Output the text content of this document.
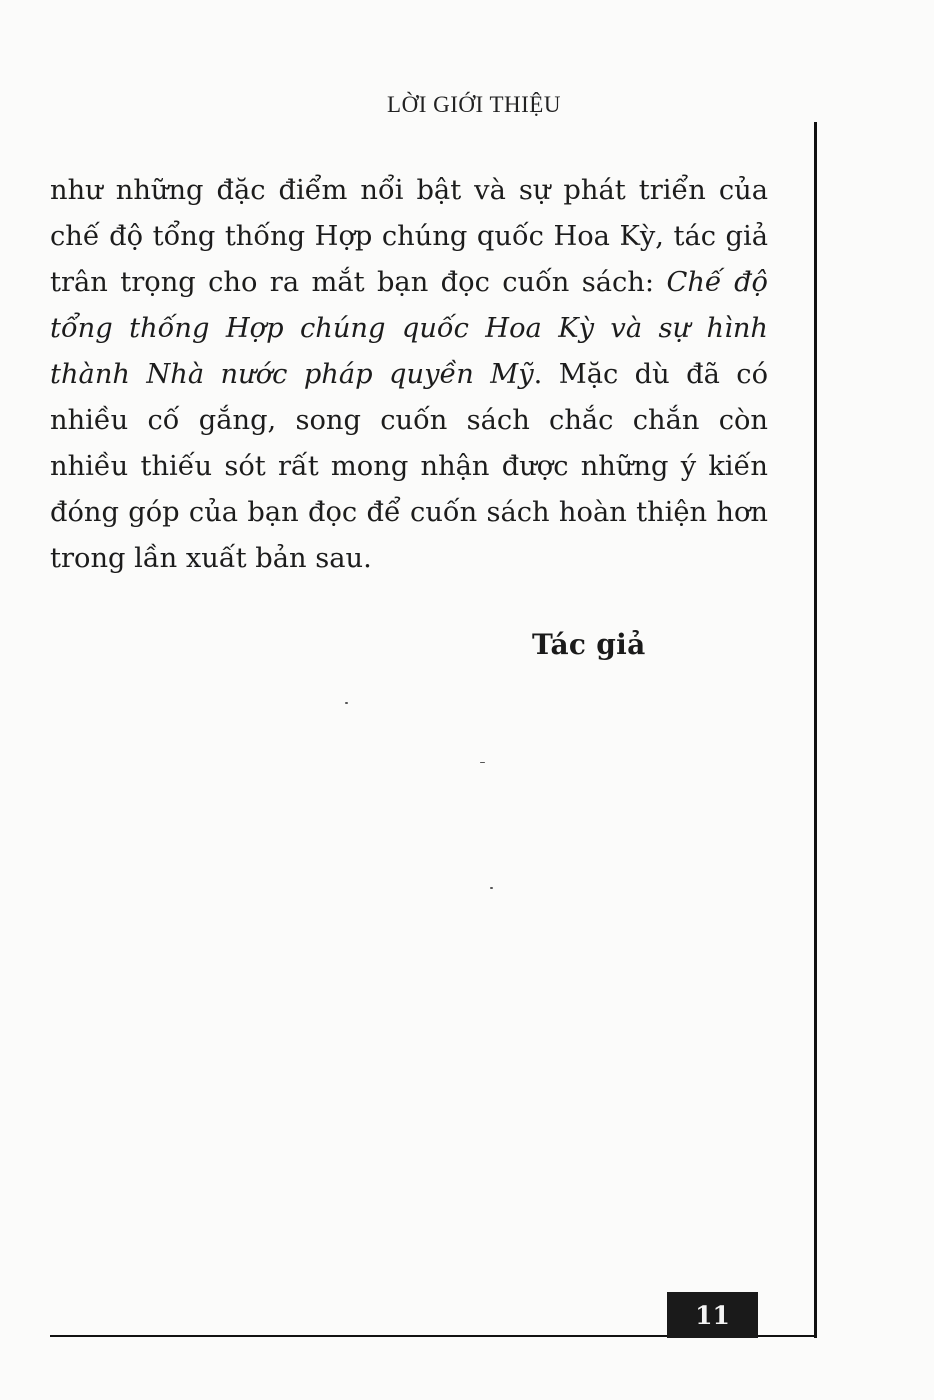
LỜI GIỚI THIỆU

như những đặc điểm nổi bật và sự phát triển của chế độ tổng thống Hợp chúng quốc Hoa Kỳ, tác giả trân trọng cho ra mắt bạn đọc cuốn sách: Chế độ tổng thống Hợp chúng quốc Hoa Kỳ và sự hình thành Nhà nước pháp quyền Mỹ. Mặc dù đã có nhiều cố gắng, song cuốn sách chắc chắn còn nhiều thiếu sót rất mong nhận được những ý kiến đóng góp của bạn đọc để cuốn sách hoàn thiện hơn trong lần xuất bản sau.

Tác giả
11
